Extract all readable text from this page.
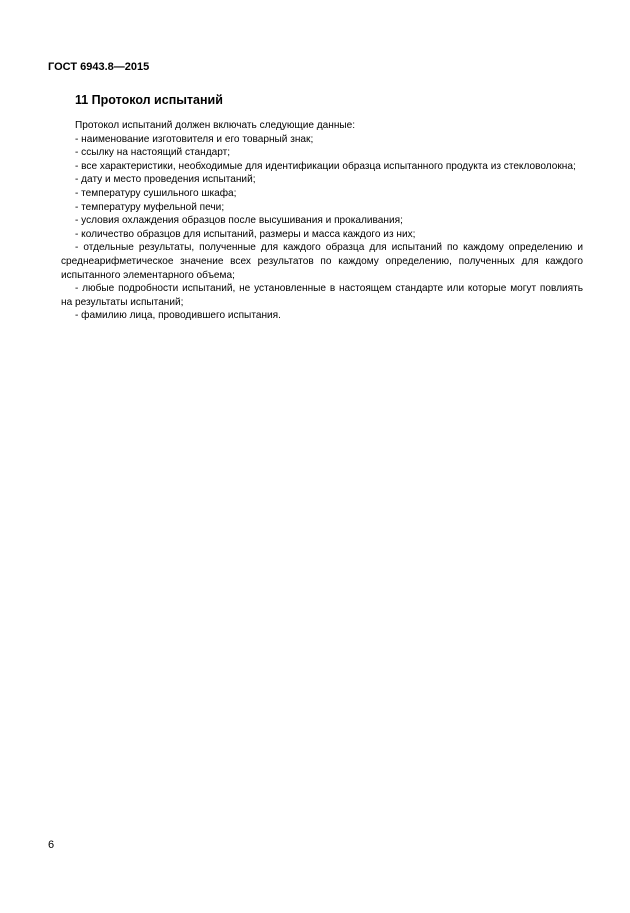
ГОСТ 6943.8—2015
11 Протокол испытаний

Протокол испытаний должен включать следующие данные:

- наименование изготовителя и его товарный знак;

- ссылку на настоящий стандарт;

- все характеристики, необходимые для идентификации образца испытанного продукта из стекловолокна;

- дату и место проведения испытаний;

- температуру сушильного шкафа;

- температуру муфельной печи;

- условия охлаждения образцов после высушивания и прокаливания;

- количество образцов для испытаний, размеры и масса каждого из них;

- отдельные результаты, полученные для каждого образца для испытаний по каждому определению и среднеарифметическое значение всех результатов по каждому определению, полученных для каждого испытанного элементарного объема;

- любые подробности испытаний, не установленные в настоящем стандарте или которые могут повлиять на результаты испытаний;

- фамилию лица, проводившего испытания.

6
